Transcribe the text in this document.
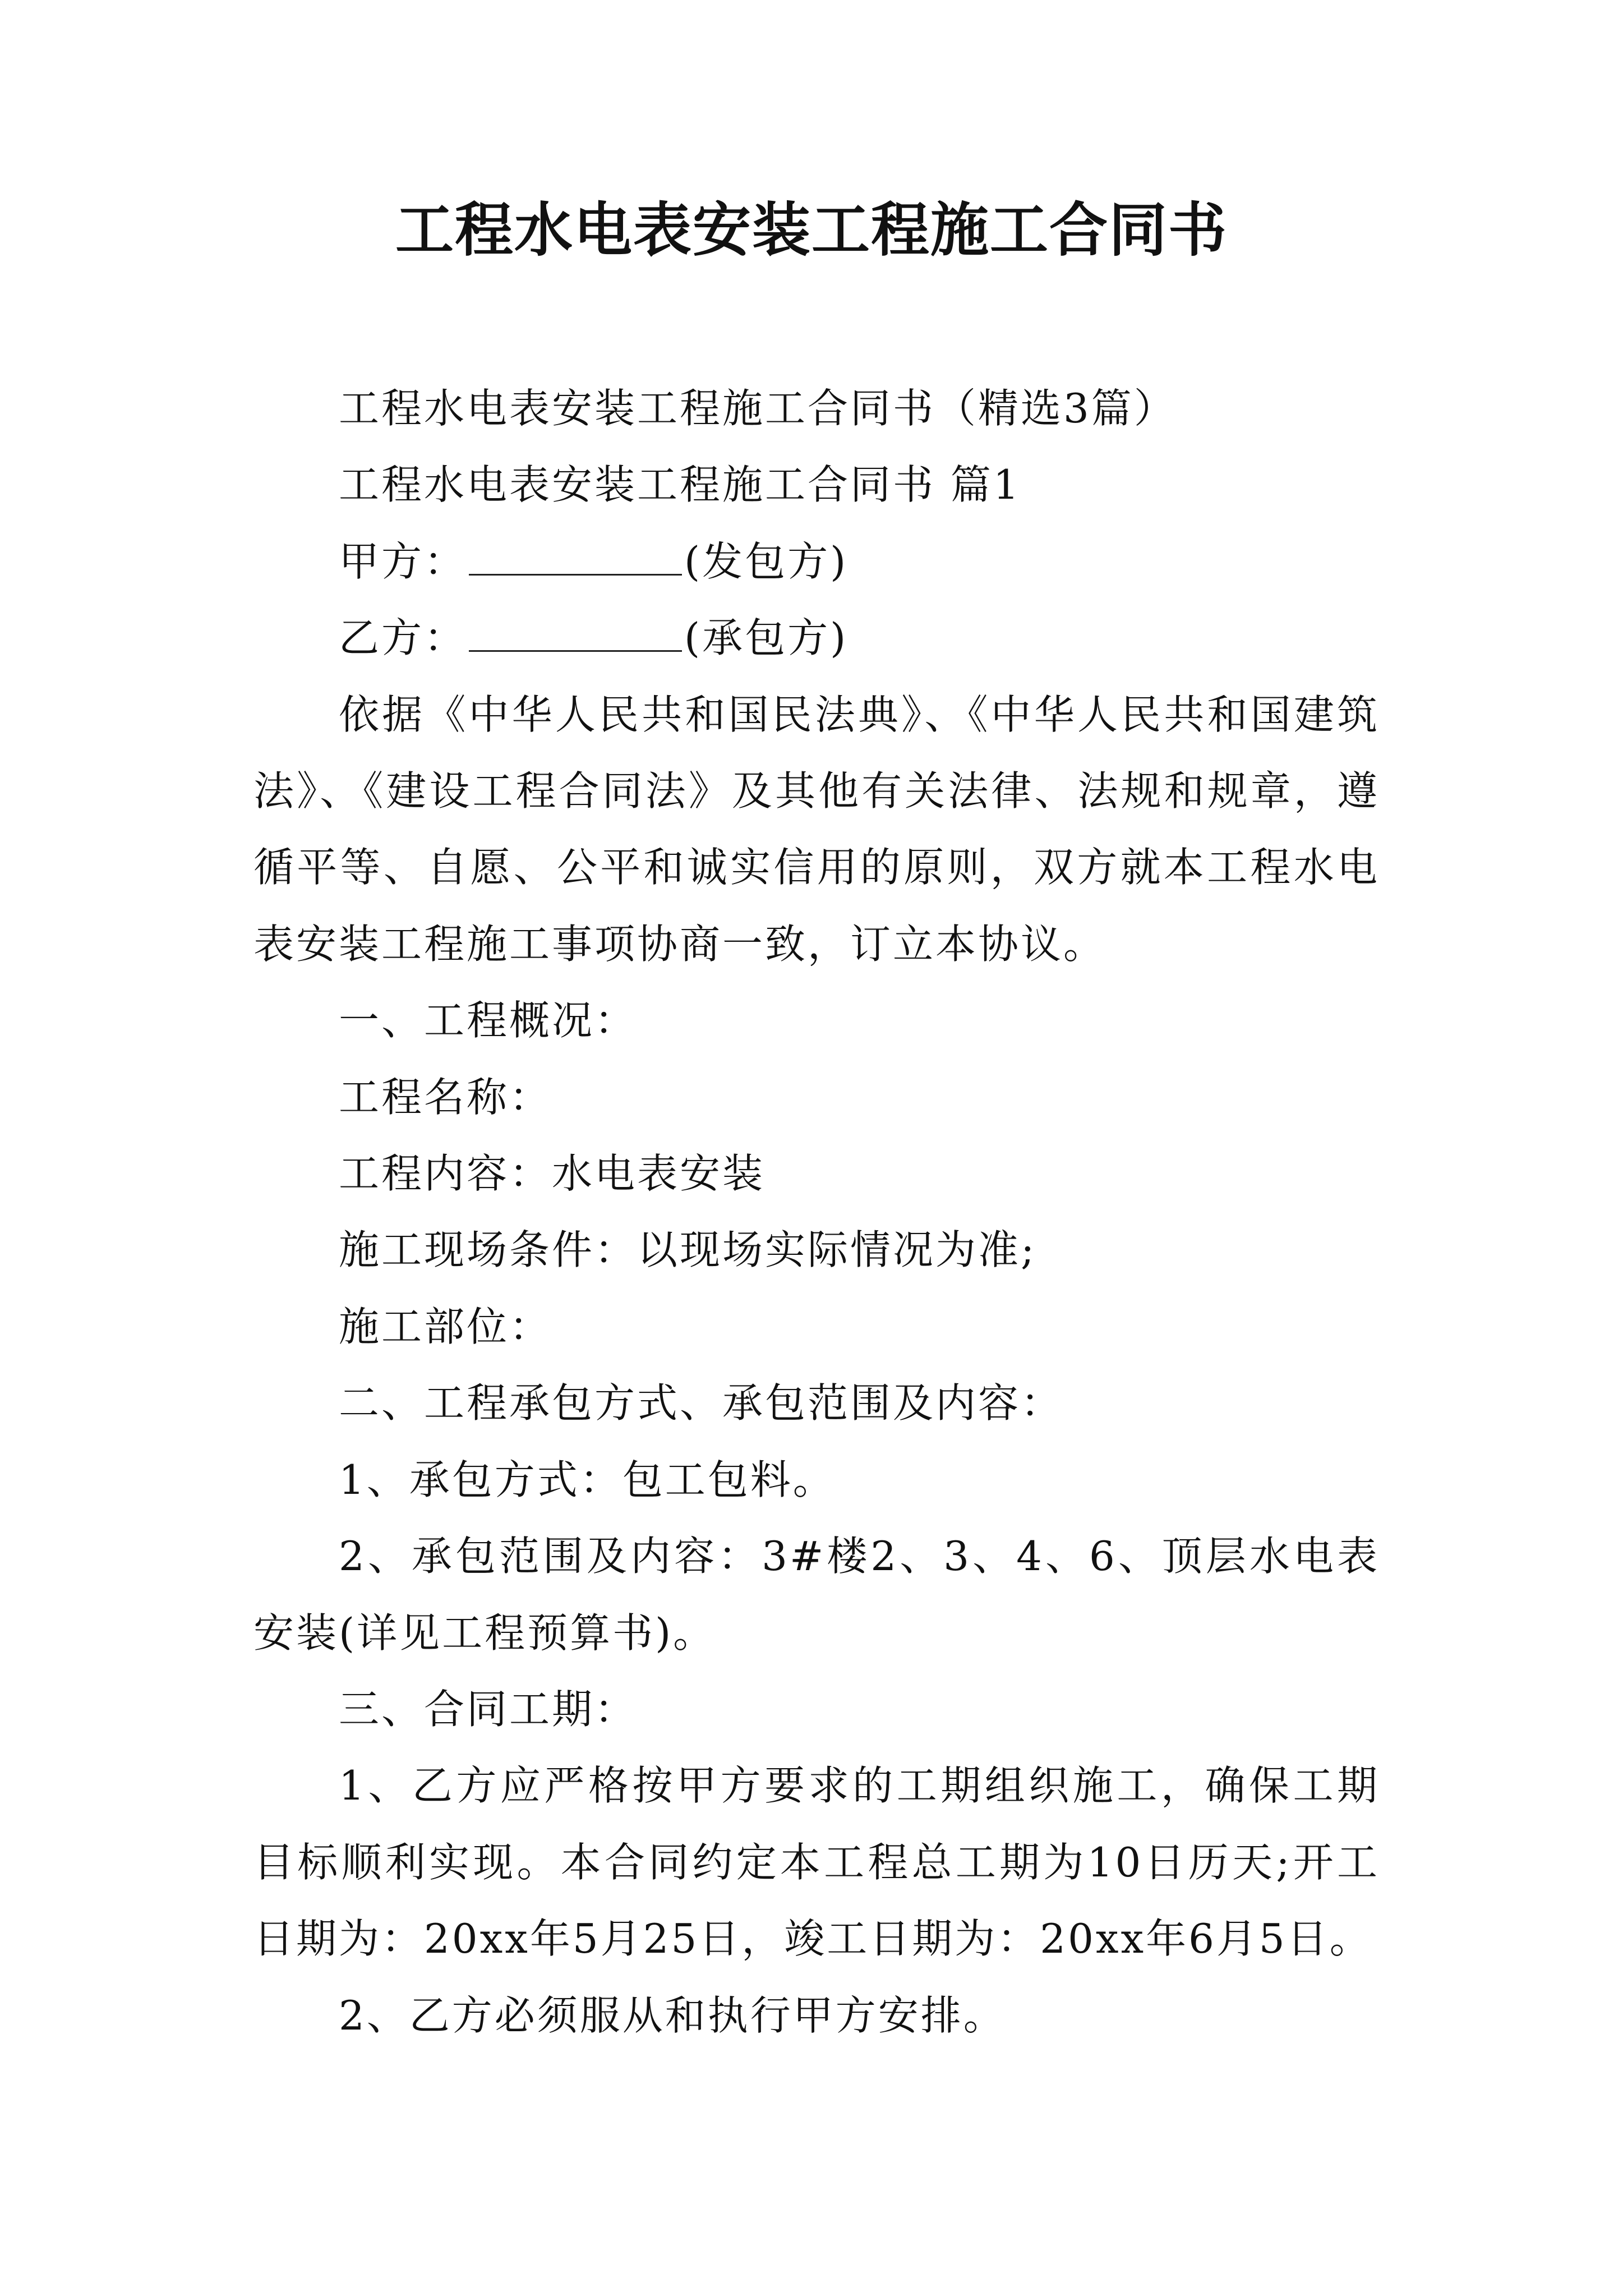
工程水电表安装工程施工合同书

工程水电表安装工程施工合同书（精选3篇）

工程水电表安装工程施工合同书 篇1

甲方：	(发包方)

乙方：	(承包方)

依据《中华人民共和国民法典》、《中华人民共和国建筑法》、《建设工程合同法》及其他有关法律、法规和规章，遵循平等、自愿、公平和诚实信用的原则，双方就本工程水电表安装工程施工事项协商一致，订立本协议。

一、工程概况：

工程名称：

工程内容：水电表安装

施工现场条件：以现场实际情况为准;

施工部位：

二、工程承包方式、承包范围及内容：

1、承包方式：包工包料。

2、承包范围及内容：3#楼2、3、4、6、顶层水电表安装(详见工程预算书)。

三、合同工期：

1、乙方应严格按甲方要求的工期组织施工，确保工期目标顺利实现。本合同约定本工程总工期为10日历天;开工日期为：20xx年5月25日，竣工日期为：20xx年6月5日。

2、乙方必须服从和执行甲方安排。
